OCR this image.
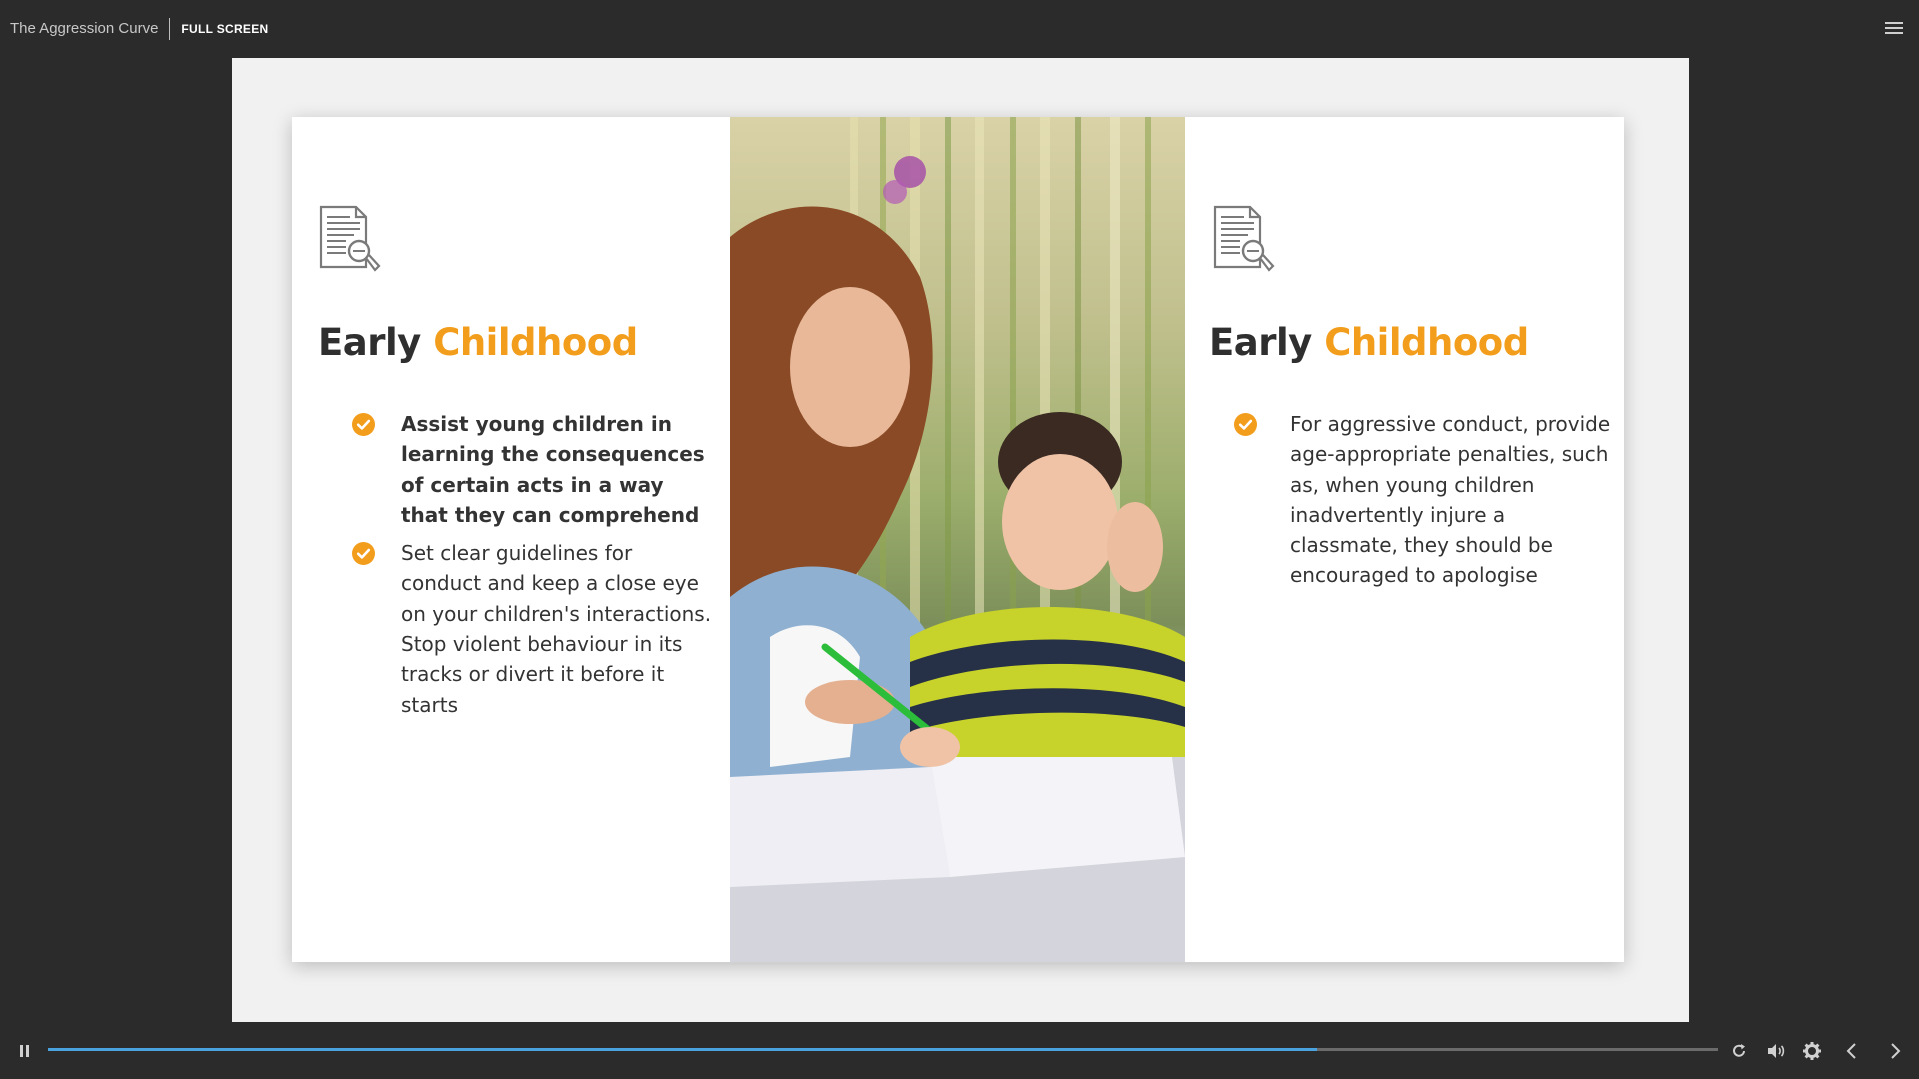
The Aggression Curve	FULL SCREEN
Early Childhood
Assist young children in learning the consequences of certain acts in a way that they can comprehend
Set clear guidelines for conduct and keep a close eye on your children's interactions. Stop violent behaviour in its tracks or divert it before it starts
Early Childhood
For aggressive conduct, provide age-appropriate penalties, such as, when young children inadvertently injure a classmate, they should be encouraged to apologise
